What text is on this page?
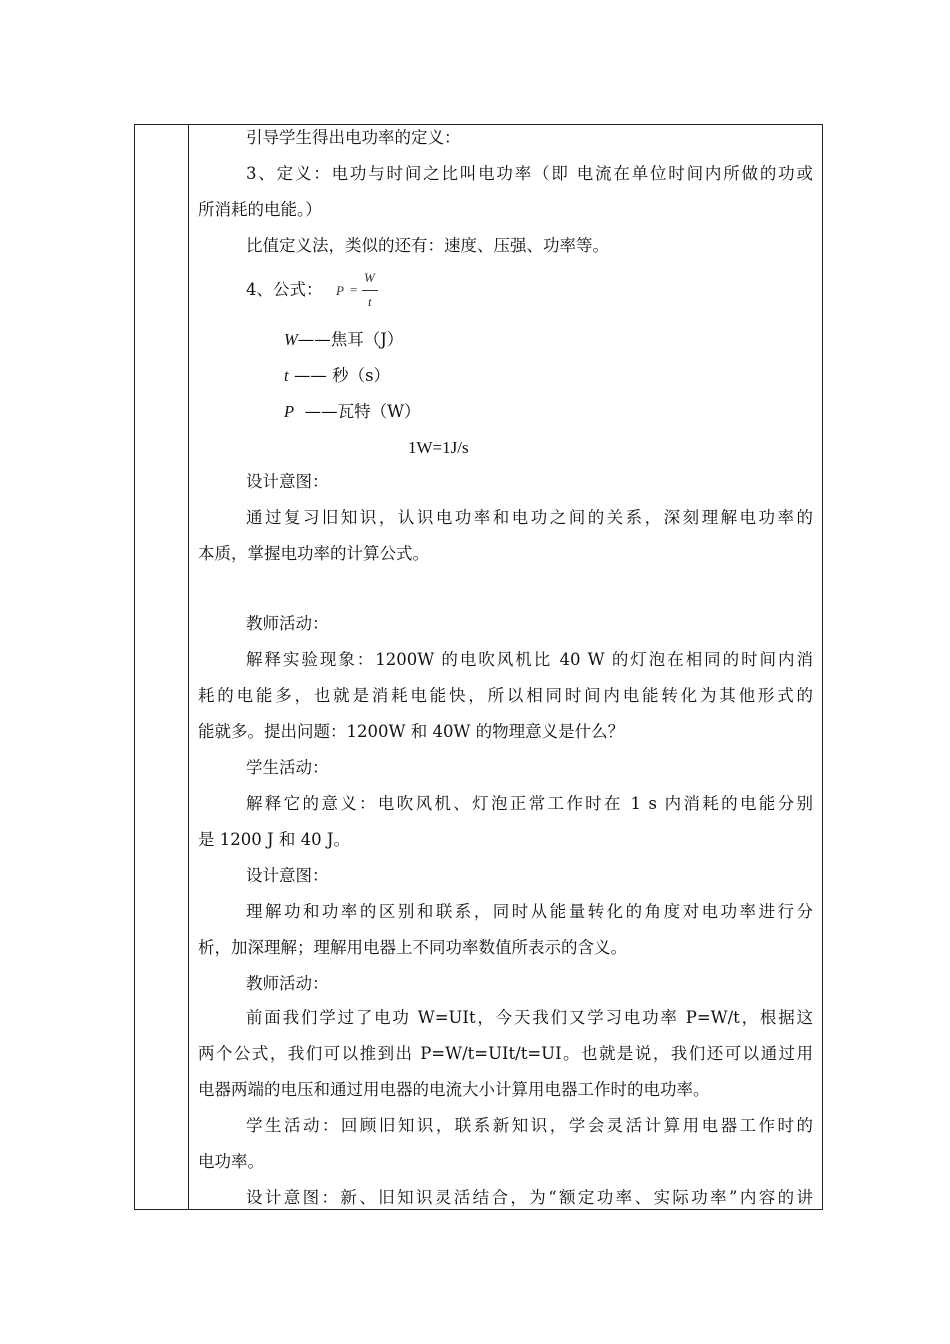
引导学生得出电功率的定义：
3、定义：电功与时间之比叫电功率（即 电流在单位时间内所做的功或
所消耗的电能。）
比值定义法，类似的还有：速度、压强、功率等。
4、公式： P =
W
t
W——焦耳（J）
t —— 秒（s）
P  ——瓦特（W）
1W=1J/s
设计意图：
通过复习旧知识，认识电功率和电功之间的关系，深刻理解电功率的
本质，掌握电功率的计算公式。
教师活动：
解释实验现象：1200W 的电吹风机比 40 W 的灯泡在相同的时间内消
耗的电能多，也就是消耗电能快，所以相同时间内电能转化为其他形式的
能就多。提出问题：1200W 和 40W 的物理意义是什么？
学生活动：
解释它的意义：电吹风机、灯泡正常工作时在 1 s 内消耗的电能分别
是 1200 J 和 40 J。
设计意图：
理解功和功率的区别和联系，同时从能量转化的角度对电功率进行分
析，加深理解；理解用电器上不同功率数值所表示的含义。
教师活动：
前面我们学过了电功 W=UIt，今天我们又学习电功率 P=W/t，根据这
两个公式，我们可以推到出 P=W/t=UIt/t=UI。也就是说，我们还可以通过用
电器两端的电压和通过用电器的电流大小计算用电器工作时的电功率。
学生活动：回顾旧知识，联系新知识，学会灵活计算用电器工作时的
电功率。
设计意图：新、旧知识灵活结合，为“额定功率、实际功率”内容的讲
